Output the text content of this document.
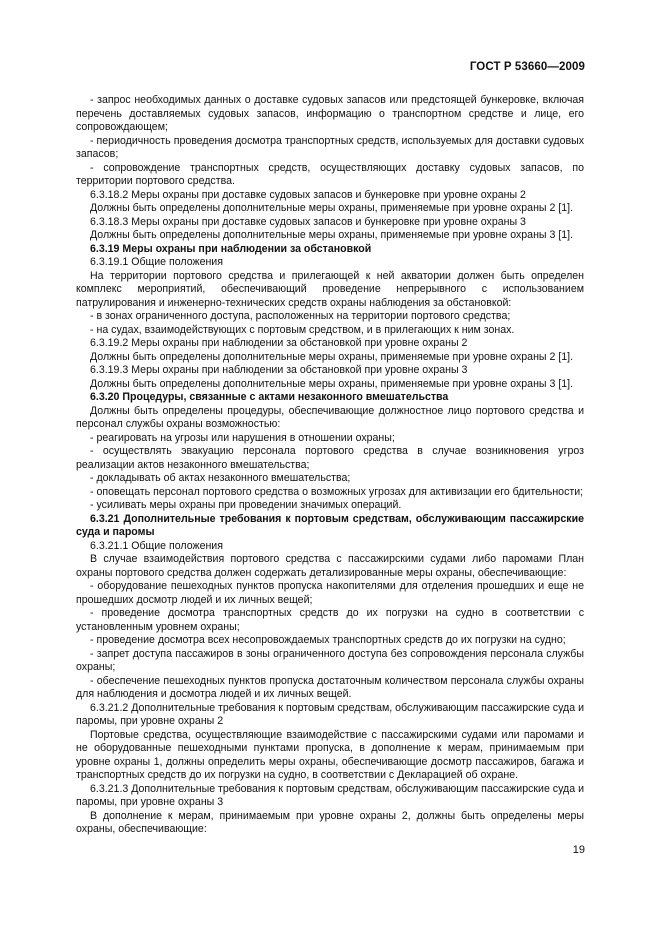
ГОСТ Р 53660—2009

- запрос необходимых данных о доставке судовых запасов или предстоящей бункеровке, включая перечень доставляемых судовых запасов, информацию о транспортном средстве и лице, его сопровождающем;

- периодичность проведения досмотра транспортных средств, используемых для доставки судовых запасов;

- сопровождение транспортных средств, осуществляющих доставку судовых запасов, по территории портового средства.

6.3.18.2 Меры охраны при доставке судовых запасов и бункеровке при уровне охраны 2

Должны быть определены дополнительные меры охраны, применяемые при уровне охраны 2 [1].

6.3.18.3 Меры охраны при доставке судовых запасов и бункеровке при уровне охраны 3

Должны быть определены дополнительные меры охраны, применяемые при уровне охраны 3 [1].

6.3.19 Меры охраны при наблюдении за обстановкой

6.3.19.1 Общие положения

На территории портового средства и прилегающей к ней акватории должен быть определен комплекс мероприятий, обеспечивающий проведение непрерывного с использованием патрулирования и инженерно-технических средств охраны наблюдения за обстановкой:

- в зонах ограниченного доступа, расположенных на территории портового средства;

- на судах, взаимодействующих с портовым средством, и в прилегающих к ним зонах.

6.3.19.2 Меры охраны при наблюдении за обстановкой при уровне охраны 2

Должны быть определены дополнительные меры охраны, применяемые при уровне охраны 2 [1].

6.3.19.3 Меры охраны при наблюдении за обстановкой при уровне охраны 3

Должны быть определены дополнительные меры охраны, применяемые при уровне охраны 3 [1].

6.3.20 Процедуры, связанные с актами незаконного вмешательства

Должны быть определены процедуры, обеспечивающие должностное лицо портового средства и персонал службы охраны возможностью:

- реагировать на угрозы или нарушения в отношении охраны;

- осуществлять эвакуацию персонала портового средства в случае возникновения угроз реализации актов незаконного вмешательства;

- докладывать об актах незаконного вмешательства;

- оповещать персонал портового средства о возможных угрозах для активизации его бдительности;

- усиливать меры охраны при проведении значимых операций.

6.3.21 Дополнительные требования к портовым средствам, обслуживающим пассажирские суда и паромы

6.3.21.1 Общие положения

В случае взаимодействия портового средства с пассажирскими судами либо паромами План охраны портового средства должен содержать детализированные меры охраны, обеспечивающие:

- оборудование пешеходных пунктов пропуска накопителями для отделения прошедших и еще не прошедших досмотр людей и их личных вещей;

- проведение досмотра транспортных средств до их погрузки на судно в соответствии с установленным уровнем охраны;

- проведение досмотра всех несопровождаемых транспортных средств до их погрузки на судно;

- запрет доступа пассажиров в зоны ограниченного доступа без сопровождения персонала службы охраны;

- обеспечение пешеходных пунктов пропуска достаточным количеством персонала службы охраны для наблюдения и досмотра людей и их личных вещей.

6.3.21.2 Дополнительные требования к портовым средствам, обслуживающим пассажирские суда и паромы, при уровне охраны 2

Портовые средства, осуществляющие взаимодействие с пассажирскими судами или паромами и не оборудованные пешеходными пунктами пропуска, в дополнение к мерам, принимаемым при уровне охраны 1, должны определить меры охраны, обеспечивающие досмотр пассажиров, багажа и транспортных средств до их погрузки на судно, в соответствии с Декларацией об охране.

6.3.21.3 Дополнительные требования к портовым средствам, обслуживающим пассажирские суда и паромы, при уровне охраны 3

В дополнение к мерам, принимаемым при уровне охраны 2, должны быть определены меры охраны, обеспечивающие:

19
